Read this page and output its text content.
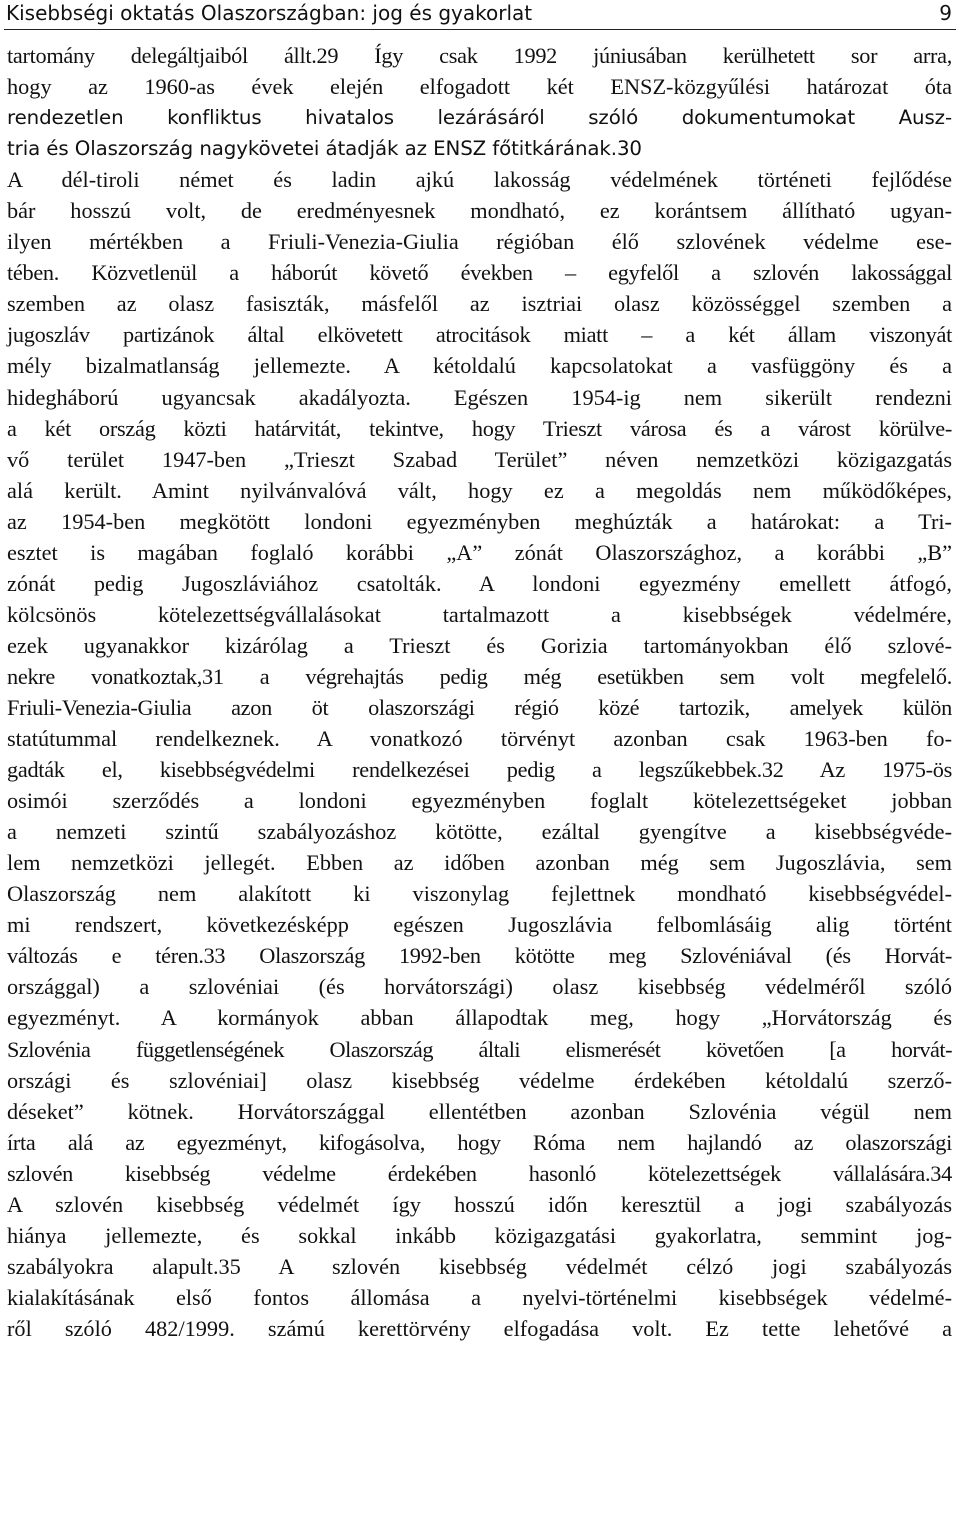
Kisebbségi oktatás Olaszországban: jog és gyakorlat	9
tartomány delegáltjaiból állt.29 Így csak 1992 júniusában kerülhetett sor arra,
hogy az 1960-as évek elején elfogadott két ENSZ-közgyűlési határozat óta
rendezetlen konfliktus hivatalos lezárásáról szóló dokumentumokat Ausz-
tria és Olaszország nagykövetei átadják az ENSZ főtitkárának.30
A dél-tiroli német és ladin ajkú lakosság védelmének történeti fejlődése
bár hosszú volt, de eredményesnek mondható, ez korántsem állítható ugyan-
ilyen mértékben a Friuli-Venezia-Giulia régióban élő szlovének védelme ese-
tében. Közvetlenül a háborút követő években – egyfelől a szlovén lakossággal
szemben az olasz fasiszták, másfelől az isztriai olasz közösséggel szemben a
jugoszláv partizánok által elkövetett atrocitások miatt – a két állam viszonyát
mély bizalmatlanság jellemezte. A kétoldalú kapcsolatokat a vasfüggöny és a
hidegháború ugyancsak akadályozta. Egészen 1954-ig nem sikerült rendezni
a két ország közti határvitát, tekintve, hogy Trieszt városa és a várost körülve-
vő terület 1947-ben „Trieszt Szabad Terület” néven nemzetközi közigazgatás
alá került. Amint nyilvánvalóvá vált, hogy ez a megoldás nem működőképes,
az 1954-ben megkötött londoni egyezményben meghúzták a határokat: a Tri-
esztet is magában foglaló korábbi „A” zónát Olaszországhoz, a korábbi „B”
zónát pedig Jugoszláviához csatolták. A londoni egyezmény emellett átfogó,
kölcsönös kötelezettségvállalásokat tartalmazott a kisebbségek védelmére,
ezek ugyanakkor kizárólag a Trieszt és Gorizia tartományokban élő szlové-
nekre vonatkoztak,31 a végrehajtás pedig még esetükben sem volt megfelelő.
Friuli-Venezia-Giulia azon öt olaszországi régió közé tartozik, amelyek külön
statútummal rendelkeznek. A vonatkozó törvényt azonban csak 1963-ben fo-
gadták el, kisebbségvédelmi rendelkezései pedig a legszűkebbek.32 Az 1975-ös
osimói szerződés a londoni egyezményben foglalt kötelezettségeket jobban
a nemzeti szintű szabályozáshoz kötötte, ezáltal gyengítve a kisebbségvéde-
lem nemzetközi jellegét. Ebben az időben azonban még sem Jugoszlávia, sem
Olaszország nem alakított ki viszonylag fejlettnek mondható kisebbségvédel-
mi rendszert, következésképp egészen Jugoszlávia felbomlásáig alig történt
változás e téren.33 Olaszország 1992-ben kötötte meg Szlovéniával (és Horvát-
országgal) a szlovéniai (és horvátországi) olasz kisebbség védelméről szóló
egyezményt. A kormányok abban állapodtak meg, hogy „Horvátország és
Szlovénia függetlenségének Olaszország általi elismerését követően [a horvát-
országi és szlovéniai] olasz kisebbség védelme érdekében kétoldalú szerző-
déseket” kötnek. Horvátországgal ellentétben azonban Szlovénia végül nem
írta alá az egyezményt, kifogásolva, hogy Róma nem hajlandó az olaszországi
szlovén kisebbség védelme érdekében hasonló kötelezettségek vállalására.34
A szlovén kisebbség védelmét így hosszú időn keresztül a jogi szabályozás
hiánya jellemezte, és sokkal inkább közigazgatási gyakorlatra, semmint jog-
szabályokra alapult.35 A szlovén kisebbség védelmét célzó jogi szabályozás
kialakításának első fontos állomása a nyelvi-történelmi kisebbségek védelmé-
ről szóló 482/1999. számú kerettörvény elfogadása volt. Ez tette lehetővé a
